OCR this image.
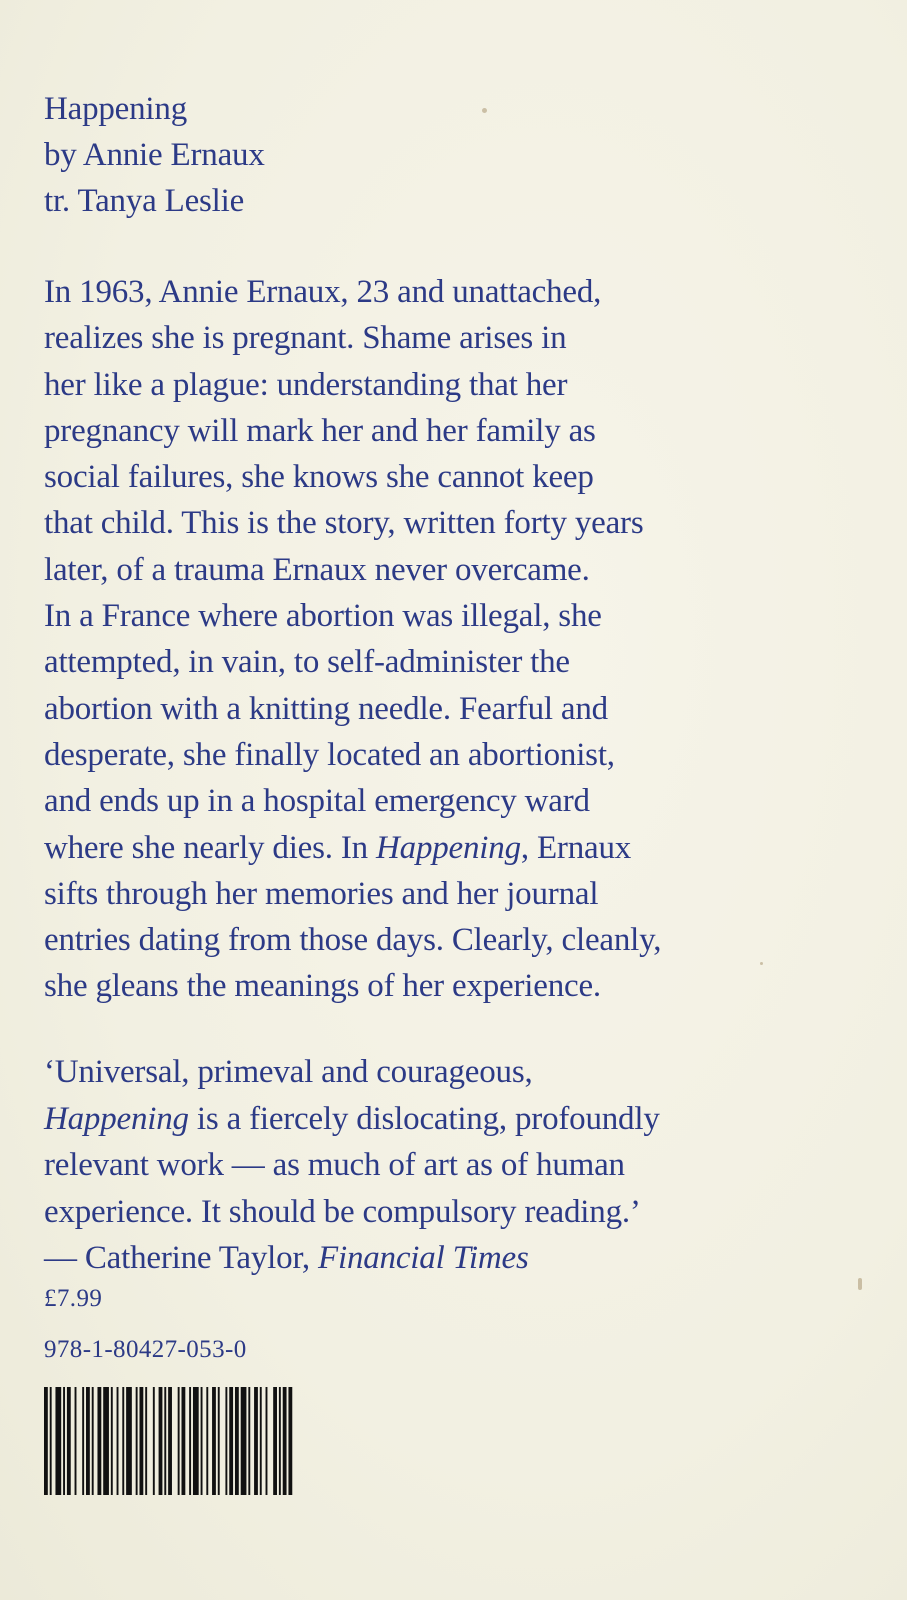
Happening
by Annie Ernaux
tr. Tanya Leslie
In 1963, Annie Ernaux, 23 and unattached,
realizes she is pregnant. Shame arises in
her like a plague: understanding that her
pregnancy will mark her and her family as
social failures, she knows she cannot keep
that child. This is the story, written forty years
later, of a trauma Ernaux never overcame.
In a France where abortion was illegal, she
attempted, in vain, to self-administer the
abortion with a knitting needle. Fearful and
desperate, she finally located an abortionist,
and ends up in a hospital emergency ward
where she nearly dies. In Happening, Ernaux
sifts through her memories and her journal
entries dating from those days. Clearly, cleanly,
she gleans the meanings of her experience.
‘Universal, primeval and courageous,
Happening is a fiercely dislocating, profoundly
relevant work — as much of art as of human
experience. It should be compulsory reading.’
— Catherine Taylor, Financial Times
£7.99
978-1-80427-053-0
